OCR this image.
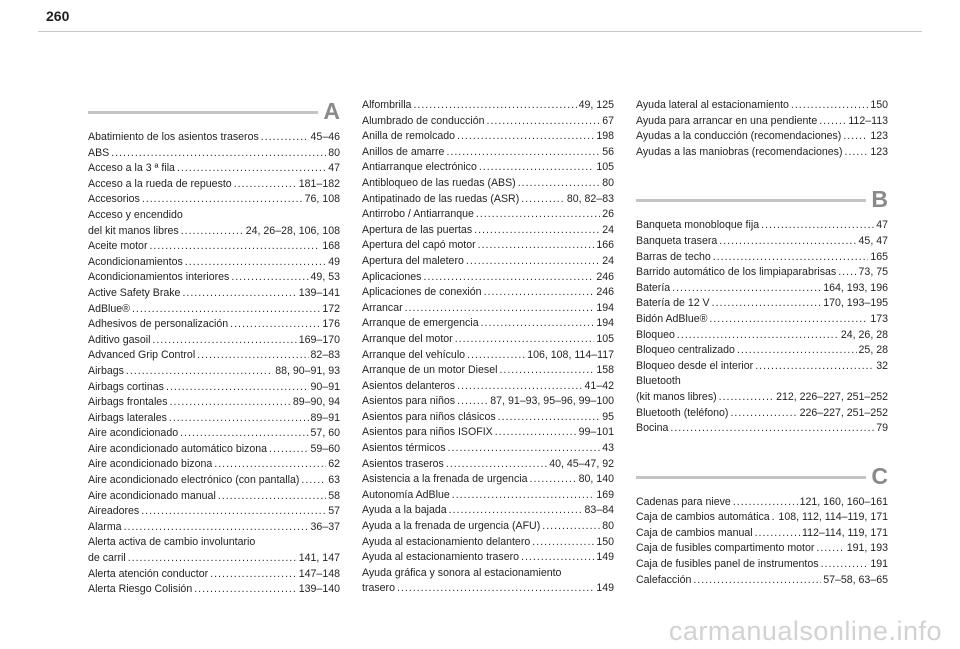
260
A
Abatimiento de los asientos traseros .....	45–46
ABS .....	80
Acceso a la 3 ª fila .....	47
Acceso a la rueda de repuesto .....	181–182
Accesorios .....	76, 108
Acceso y encendido
del kit manos libres .....	24, 26–28, 106, 108
Aceite motor .....	168
Acondicionamientos .....	49
Acondicionamientos interiores .....	49, 53
Active Safety Brake .....	139–141
AdBlue® .....	172
Adhesivos de personalización .....	176
Aditivo gasoil .....	169–170
Advanced Grip Control .....	82–83
Airbags .....	88, 90–91, 93
Airbags cortinas .....	90–91
Airbags frontales .....	89–90, 94
Airbags laterales .....	89–91
Aire acondicionado .....	57, 60
Aire acondicionado automático bizona .....	59–60
Aire acondicionado bizona .....	62
Aire acondicionado electrónico (con pantalla) .....	63
Aire acondicionado manual .....	58
Aireadores .....	57
Alarma .....	36–37
Alerta activa de cambio involuntario
de carril .....	141, 147
Alerta atención conductor .....	147–148
Alerta Riesgo Colisión .....	139–140
Alfombrilla .....	49, 125
Alumbrado de conducción .....	67
Anilla de remolcado .....	198
Anillos de amarre .....	56
Antiarranque electrónico .....	105
Antibloqueo de las ruedas (ABS) .....	80
Antipatinado de las ruedas (ASR) .....	80, 82–83
Antirrobo / Antiarranque .....	26
Apertura de las puertas .....	24
Apertura del capó motor .....	166
Apertura del maletero .....	24
Aplicaciones .....	246
Aplicaciones de conexión .....	246
Arrancar .....	194
Arranque de emergencia .....	194
Arranque del motor .....	105
Arranque del vehículo .....	106, 108, 114–117
Arranque de un motor Diesel .....	158
Asientos delanteros .....	41–42
Asientos para niños .....	87, 91–93, 95–96, 99–100
Asientos para niños clásicos .....	95
Asientos para niños ISOFIX .....	99–101
Asientos térmicos .....	43
Asientos traseros .....	40, 45–47, 92
Asistencia a la frenada de urgencia .....	80, 140
Autonomía AdBlue .....	169
Ayuda a la bajada .....	83–84
Ayuda a la frenada de urgencia (AFU) .....	80
Ayuda al estacionamiento delantero .....	150
Ayuda al estacionamiento trasero .....	149
Ayuda gráfica y sonora al estacionamiento
trasero .....	149
Ayuda lateral al estacionamiento .....	150
Ayuda para arrancar en una pendiente .....	112–113
Ayudas a la conducción (recomendaciones) .....	123
Ayudas a las maniobras (recomendaciones) .....	123
B
Banqueta monobloque fija .....	47
Banqueta trasera .....	45, 47
Barras de techo .....	165
Barrido automático de los limpiaparabrisas ..... 73, 75
Batería .....	164, 193, 196
Batería de 12 V .....	170, 193–195
Bidón AdBlue® .....	173
Bloqueo .....	24, 26, 28
Bloqueo centralizado .....	25, 28
Bloqueo desde el interior .....	32
Bluetooth
(kit manos libres) .....	212, 226–227, 251–252
Bluetooth (teléfono) .....	226–227, 251–252
Bocina .....	79
C
Cadenas para nieve .....	121, 160, 160–161
Caja de cambios automática ..... 108, 112, 114–119, 171
Caja de cambios manual .....	112–114, 119, 171
Caja de fusibles compartimento motor .....	191, 193
Caja de fusibles panel de instrumentos .....	191
Calefacción .....	57–58, 63–65
carmanualsonline.info
